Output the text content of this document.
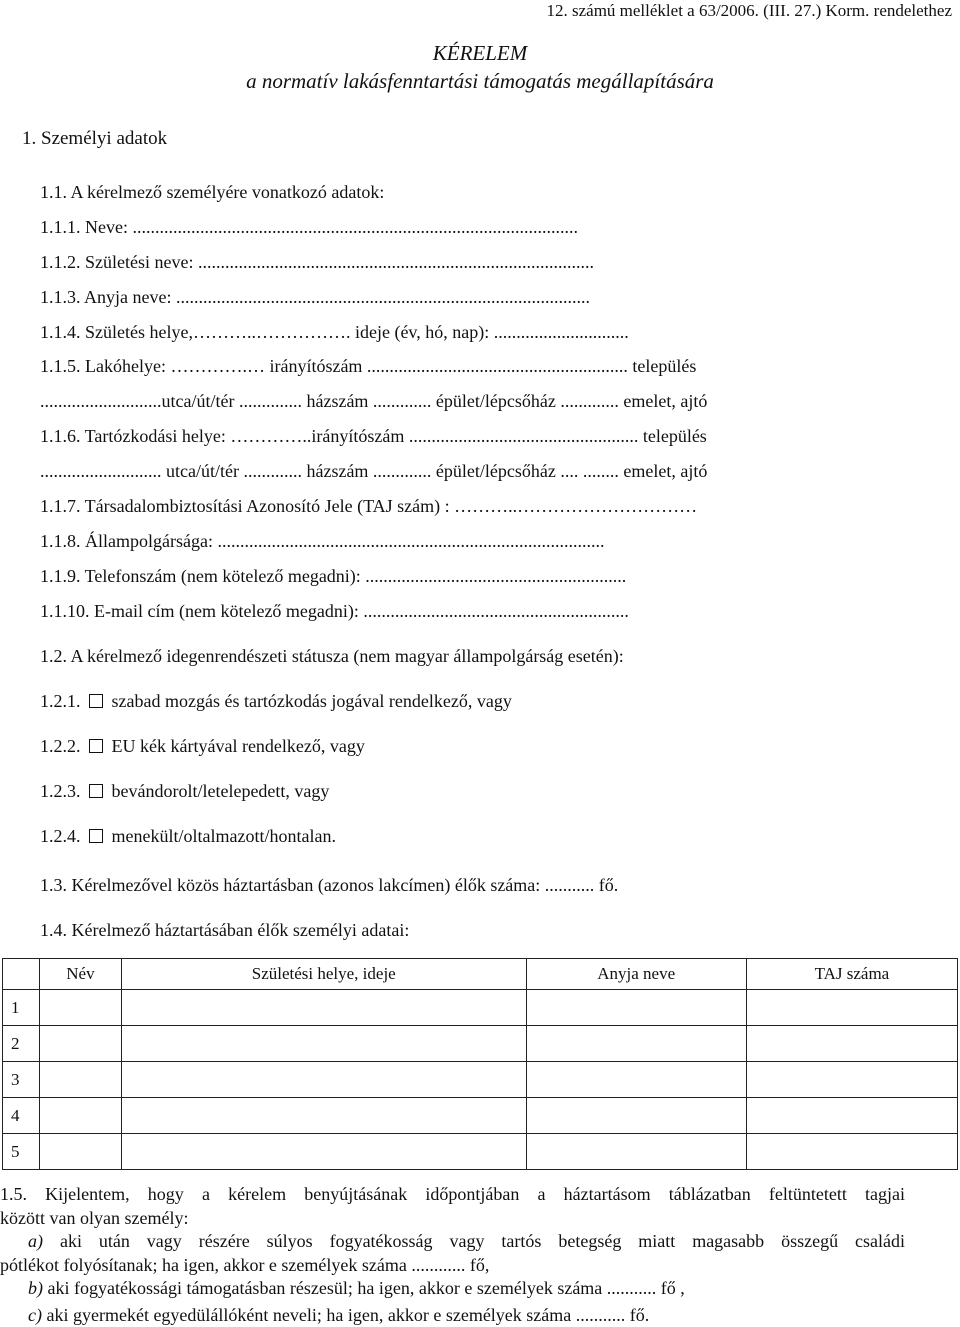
12. számú melléklet a 63/2006. (III. 27.) Korm. rendelethez
KÉRELEM
a normatív lakásfenntartási támogatás megállapítására
1. Személyi adatok
1.1. A kérelmező személyére vonatkozó adatok:
1.1.1. Neve: ...................................................................................................
1.1.2. Születési neve: ........................................................................................
1.1.3. Anyja neve: ............................................................................................
1.1.4. Születés helye,………..……………. ideje (év, hó, nap): ..............................
1.1.5. Lakóhelye: ………….… irányítószám .......................................................... település
...........................utca/út/tér .............. házszám ............. épület/lépcsőház ............. emelet, ajtó
1.1.6. Tartózkodási helye: …………..irányítószám ................................................... település
........................... utca/út/tér ............. házszám ............. épület/lépcsőház .... ........ emelet, ajtó
1.1.7. Társadalombiztosítási Azonosító Jele (TAJ szám) : ………..…………………………
1.1.8. Állampolgársága: ......................................................................................
1.1.9. Telefonszám (nem kötelező megadni): ..........................................................
1.1.10. E-mail cím (nem kötelező megadni): ...........................................................
1.2. A kérelmező idegenrendészeti státusza (nem magyar állampolgárság esetén):
1.2.1. szabad mozgás és tartózkodás jogával rendelkező, vagy
1.2.2. EU kék kártyával rendelkező, vagy
1.2.3. bevándorolt/letelepedett, vagy
1.2.4. menekült/oltalmazott/hontalan.
1.3. Kérelmezővel közös háztartásban (azonos lakcímen) élők száma: ........... fő.
1.4. Kérelmező háztartásában élők személyi adatai:
	Név	Születési helye, ideje	Anyja neve	TAJ száma
1				
2				
3				
4				
5				
1.5. Kijelentem, hogy a kérelem benyújtásának időpontjában a háztartásom táblázatban feltüntetett tagjai
között van olyan személy:
a) aki után vagy részére súlyos fogyatékosság vagy tartós betegség miatt magasabb összegű családi
pótlékot folyósítanak; ha igen, akkor e személyek száma ............ fő,
b) aki fogyatékossági támogatásban részesül; ha igen, akkor e személyek száma ........... fő ,
c) aki gyermekét egyedülállóként neveli; ha igen, akkor e személyek száma ........... fő.
